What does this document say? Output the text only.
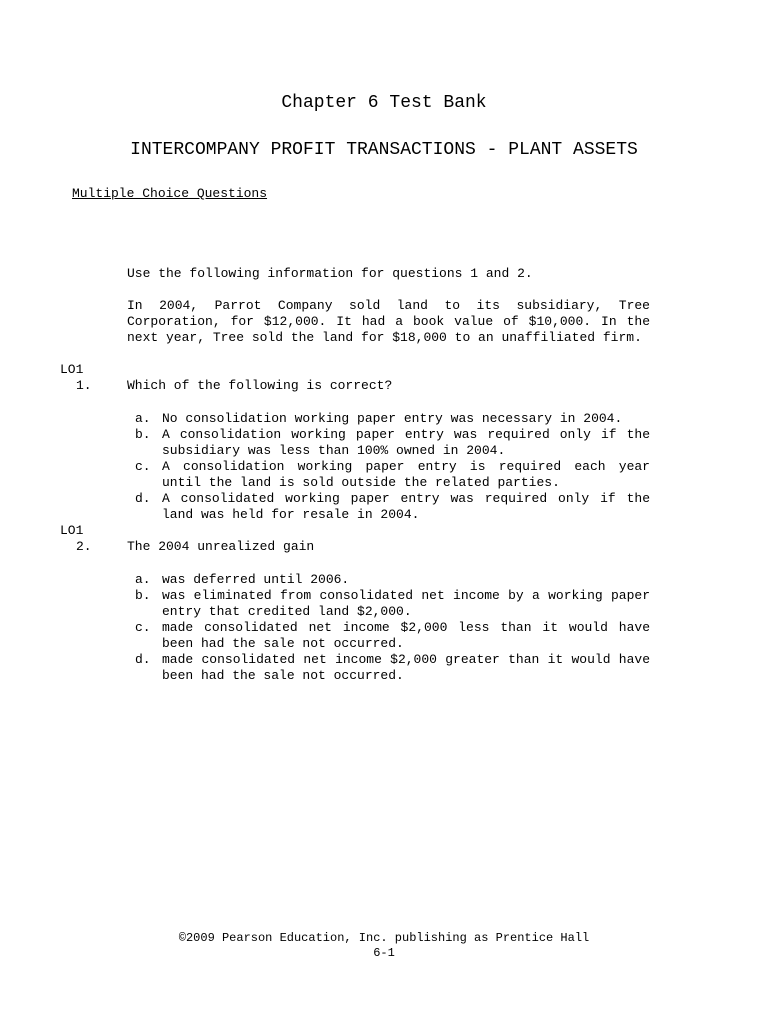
Chapter 6 Test Bank
INTERCOMPANY PROFIT TRANSACTIONS - PLANT ASSETS
Multiple Choice Questions
Use the following information for questions 1 and 2.
In 2004, Parrot Company sold land to its subsidiary, Tree Corporation, for $12,000. It had a book value of $10,000. In the next year, Tree sold the land for $18,000 to an unaffiliated firm.
LO1
1.	Which of the following is correct?
a. No consolidation working paper entry was necessary in 2004.
b. A consolidation working paper entry was required only if the subsidiary was less than 100% owned in 2004.
c. A consolidation working paper entry is required each year until the land is sold outside the related parties.
d. A consolidated working paper entry was required only if the land was held for resale in 2004.
LO1
2.	The 2004 unrealized gain
a. was deferred until 2006.
b. was eliminated from consolidated net income by a working paper entry that credited land $2,000.
c. made consolidated net income $2,000 less than it would have been had the sale not occurred.
d. made consolidated net income $2,000 greater than it would have been had the sale not occurred.
©2009 Pearson Education, Inc. publishing as Prentice Hall
6-1
